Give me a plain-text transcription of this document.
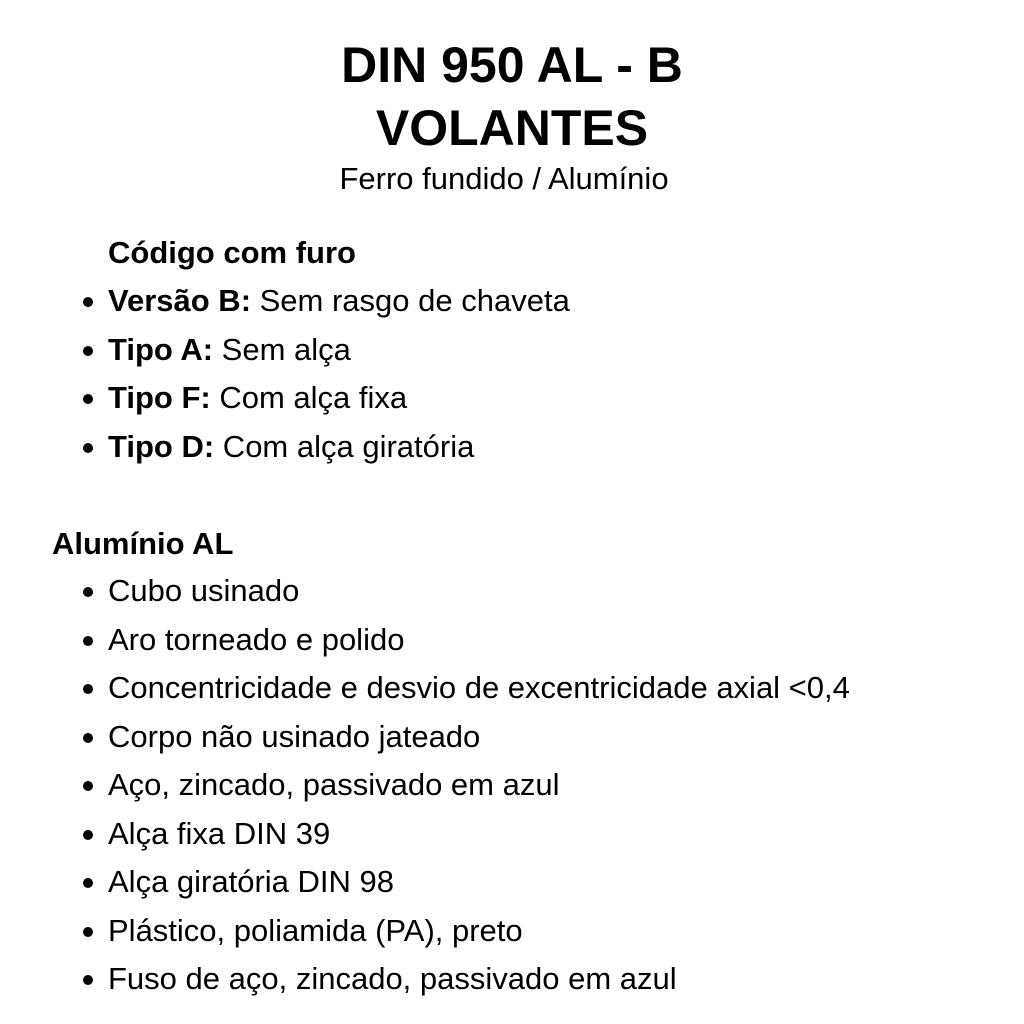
DIN 950 AL - B
VOLANTES

Ferro fundido / Alumínio

Código com furo
Versão B: Sem rasgo de chaveta
Tipo A: Sem alça
Tipo F: Com alça fixa
Tipo D: Com alça giratória
Alumínio AL
Cubo usinado
Aro torneado e polido
Concentricidade e desvio de excentricidade axial <0,4
Corpo não usinado jateado
Aço, zincado, passivado em azul
Alça fixa DIN 39
Alça giratória DIN 98
Plástico, poliamida (PA), preto
Fuso de aço, zincado, passivado em azul
